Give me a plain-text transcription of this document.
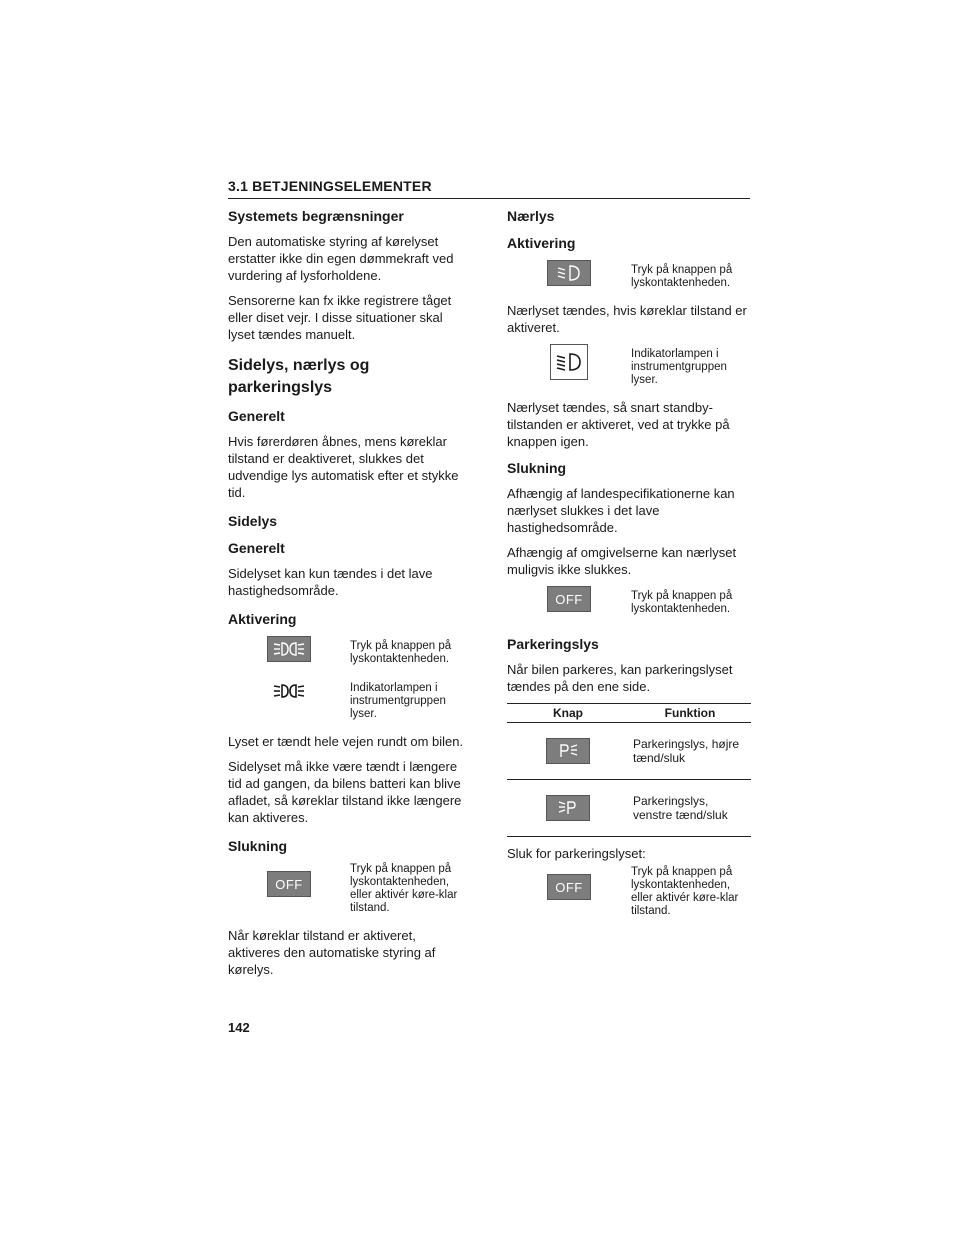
3.1 BETJENINGSELEMENTER
Systemets begrænsninger

Den automatiske styring af kørelyset erstatter ikke din egen dømmekraft ved vurdering af lysforholdene.

Sensorerne kan fx ikke registrere tåget eller diset vejr. I disse situationer skal lyset tændes manuelt.

Sidelys, nærlys og parkeringslys
Generelt

Hvis førerdøren åbnes, mens køreklar tilstand er deaktiveret, slukkes det udvendige lys automatisk efter et stykke tid.

Sidelys
Generelt

Sidelyset kan kun tændes i det lave hastighedsområde.

Aktivering
Tryk på knappen på lyskontaktenheden.
Indikatorlampen i instrumentgruppen lyser.

Lyset er tændt hele vejen rundt om bilen.

Sidelyset må ikke være tændt i længere tid ad gangen, da bilens batteri kan blive afladet, så køreklar tilstand ikke længere kan aktiveres.

Slukning
OFF
Tryk på knappen på lyskontaktenheden, eller aktivér køre-klar tilstand.

Når køreklar tilstand er aktiveret, aktiveres den automatiske styring af kørelys.

Nærlys
Aktivering
Tryk på knappen på lyskontaktenheden.

Nærlyset tændes, hvis køreklar tilstand er aktiveret.

Indikatorlampen i instrumentgruppen lyser.

Nærlyset tændes, så snart standby-tilstanden er aktiveret, ved at trykke på knappen igen.

Slukning

Afhængig af landespecifikationerne kan nærlyset slukkes i det lave hastighedsområde.

Afhængig af omgivelserne kan nærlyset muligvis ikke slukkes.

OFF	Tryk på knappen på lyskontaktenheden.
Parkeringslys

Når bilen parkeres, kan parkeringslyset tændes på den ene side.

Knap	Funktion

	Parkeringslys, højre tænd/sluk

	Parkeringslys, venstre tænd/sluk

Sluk for parkeringslyset:

OFF
Tryk på knappen på lyskontaktenheden, eller aktivér køre-klar tilstand.
142
